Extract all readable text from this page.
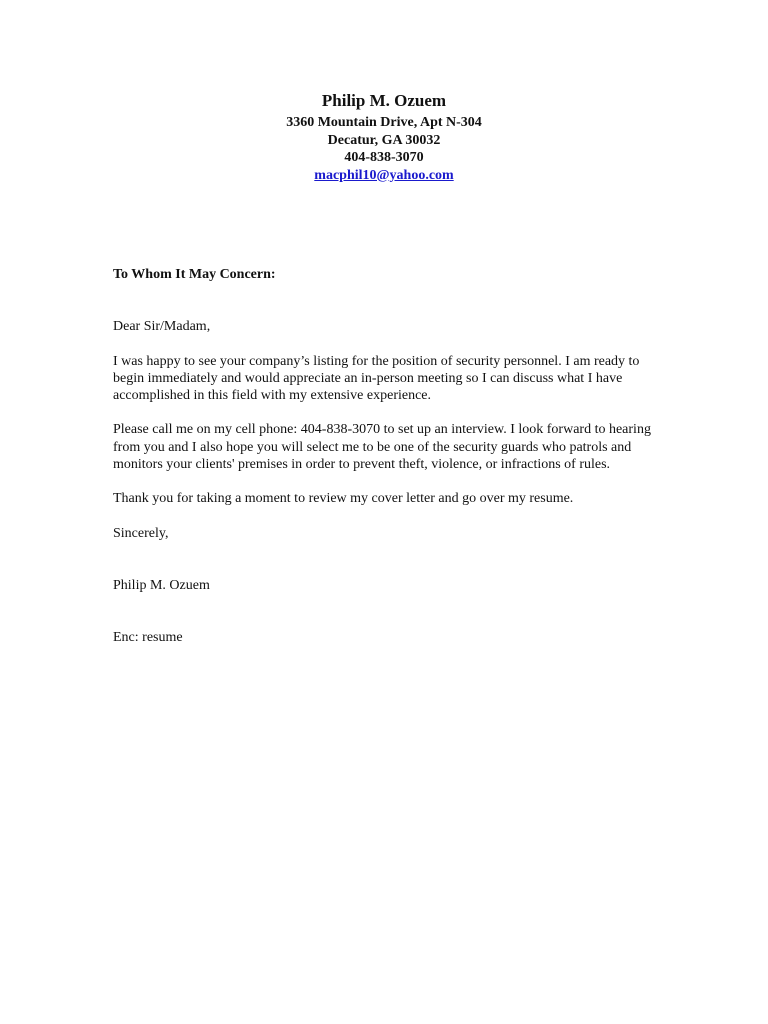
Philip M. Ozuem
3360 Mountain Drive, Apt N-304
Decatur, GA 30032
404-838-3070
macphil10@yahoo.com

To Whom It May Concern:

Dear Sir/Madam,

I was happy to see your company’s listing for the position of security personnel. I am ready to begin immediately and would appreciate an in-person meeting so I can discuss what I have accomplished in this field with my extensive experience.

Please call me on my cell phone: 404-838-3070 to set up an interview. I look forward to hearing from you and I also hope you will select me to be one of the security guards who patrols and monitors your clients' premises in order to prevent theft, violence, or infractions of rules.

Thank you for taking a moment to review my cover letter and go over my resume.

Sincerely,

Philip M. Ozuem

Enc: resume
